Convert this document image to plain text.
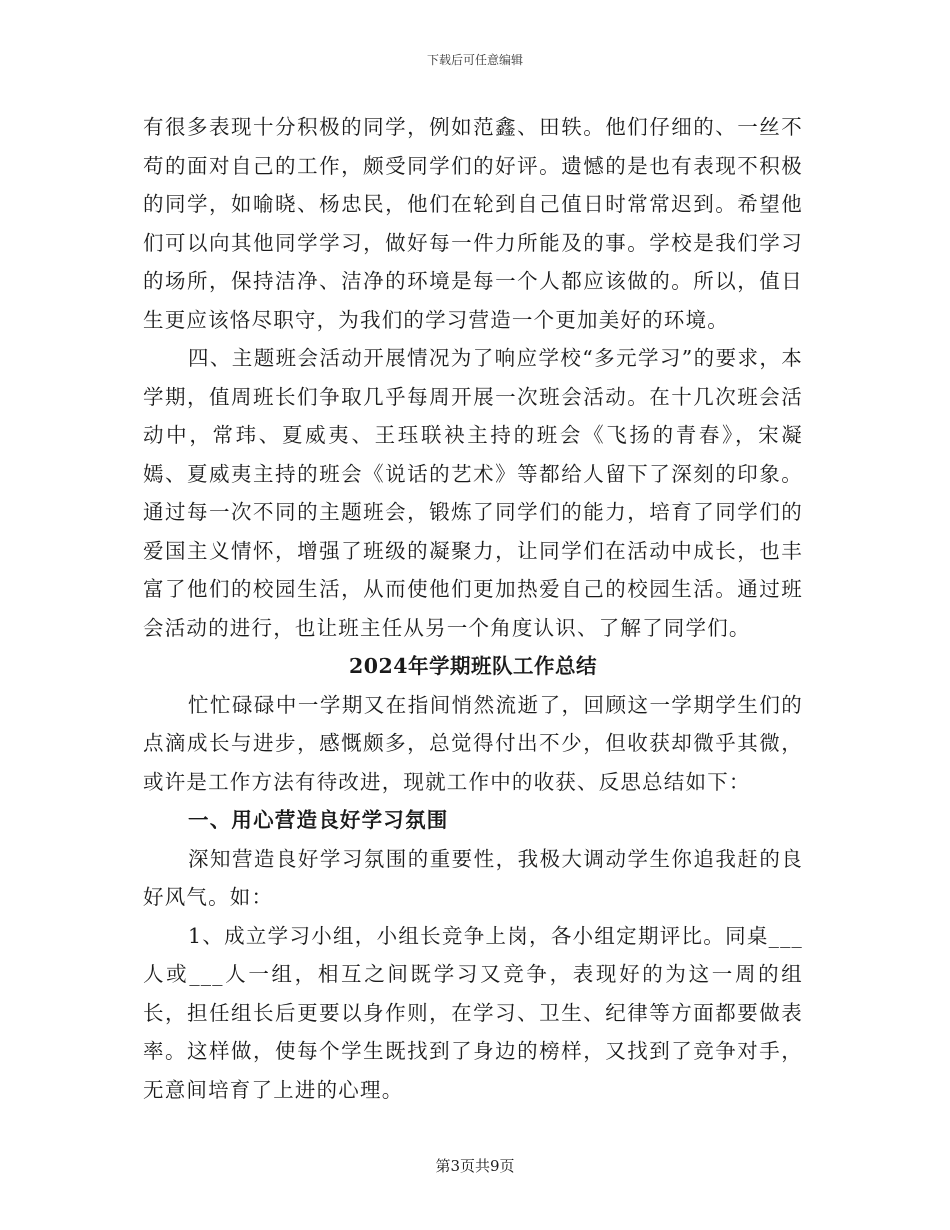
下载后可任意编辑

有很多表现十分积极的同学，例如范鑫、田轶。他们仔细的、一丝不苟的面对自己的工作，颇受同学们的好评。遗憾的是也有表现不积极的同学，如喻晓、杨忠民，他们在轮到自己值日时常常迟到。希望他们可以向其他同学学习，做好每一件力所能及的事。学校是我们学习的场所，保持洁净、洁净的环境是每一个人都应该做的。所以，值日生更应该恪尽职守，为我们的学习营造一个更加美好的环境。

四、主题班会活动开展情况为了响应学校“多元学习”的要求，本学期，值周班长们争取几乎每周开展一次班会活动。在十几次班会活动中，常玮、夏威夷、王珏联袂主持的班会《飞扬的青春》，宋凝嫣、夏威夷主持的班会《说话的艺术》等都给人留下了深刻的印象。通过每一次不同的主题班会，锻炼了同学们的能力，培育了同学们的爱国主义情怀，增强了班级的凝聚力，让同学们在活动中成长，也丰富了他们的校园生活，从而使他们更加热爱自己的校园生活。通过班会活动的进行，也让班主任从另一个角度认识、了解了同学们。

2024年学期班队工作总结

忙忙碌碌中一学期又在指间悄然流逝了，回顾这一学期学生们的点滴成长与进步，感慨颇多，总觉得付出不少，但收获却微乎其微，或许是工作方法有待改进，现就工作中的收获、反思总结如下：

一、用心营造良好学习氛围

深知营造良好学习氛围的重要性，我极大调动学生你追我赶的良好风气。如：

1、成立学习小组，小组长竞争上岗，各小组定期评比。同桌___人或___人一组，相互之间既学习又竞争，表现好的为这一周的组长，担任组长后更要以身作则，在学习、卫生、纪律等方面都要做表率。这样做，使每个学生既找到了身边的榜样，又找到了竞争对手，无意间培育了上进的心理。

第3页共9页
